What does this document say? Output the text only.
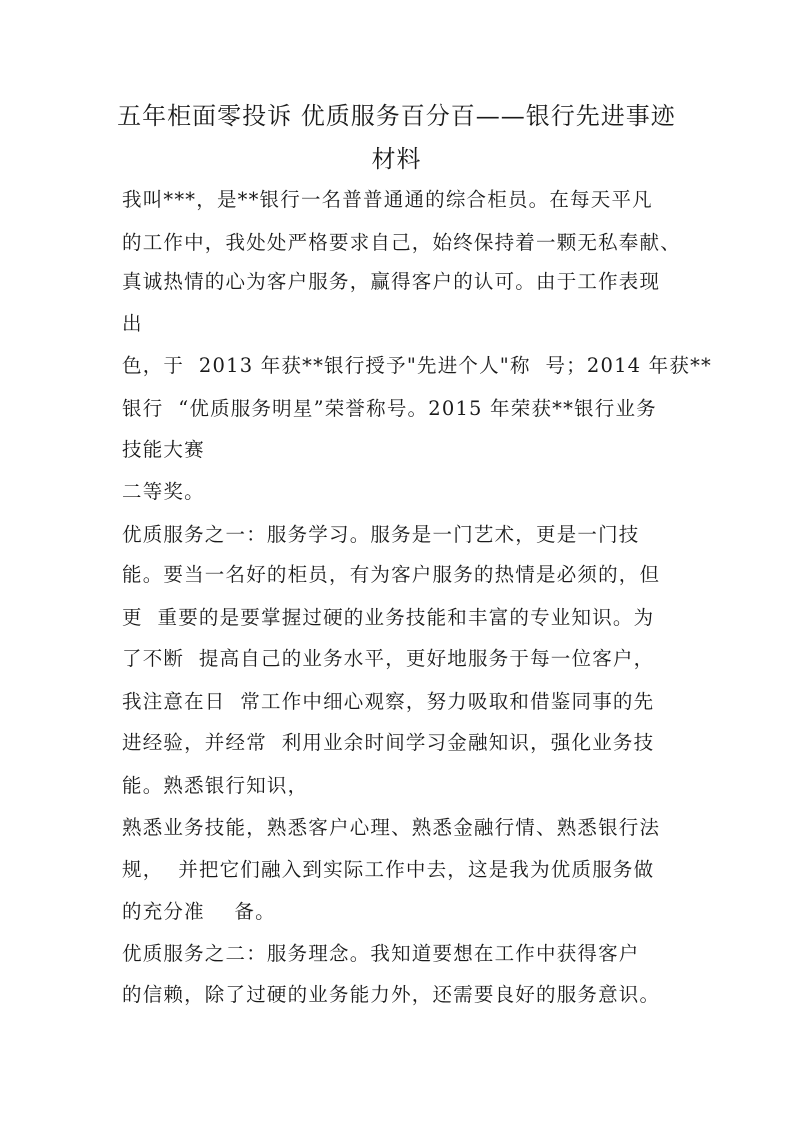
五年柜面零投诉 优质服务百分百——银行先进事迹
材料
我叫***，是**银行一名普普通通的综合柜员。在每天平凡
的工作中，我处处严格要求自己，始终保持着一颗无私奉献、
真诚热情的心为客户服务，赢得客户的认可。由于工作表现
出
色，于  2013 年获**银行授予"先进个人"称  号；2014 年获**
银行  “优质服务明星”荣誉称号。2015 年荣获**银行业务
技能大赛
二等奖。
优质服务之一：服务学习。服务是一门艺术，更是一门技
能。要当一名好的柜员，有为客户服务的热情是必须的，但
更  重要的是要掌握过硬的业务技能和丰富的专业知识。为
了不断  提高自己的业务水平，更好地服务于每一位客户，
我注意在日  常工作中细心观察，努力吸取和借鉴同事的先
进经验，并经常  利用业余时间学习金融知识，强化业务技
能。熟悉银行知识，
熟悉业务技能，熟悉客户心理、熟悉金融行情、熟悉银行法
规，  并把它们融入到实际工作中去，这是我为优质服务做
的充分准    备。
优质服务之二：服务理念。我知道要想在工作中获得客户
的信赖，除了过硬的业务能力外，还需要良好的服务意识。
